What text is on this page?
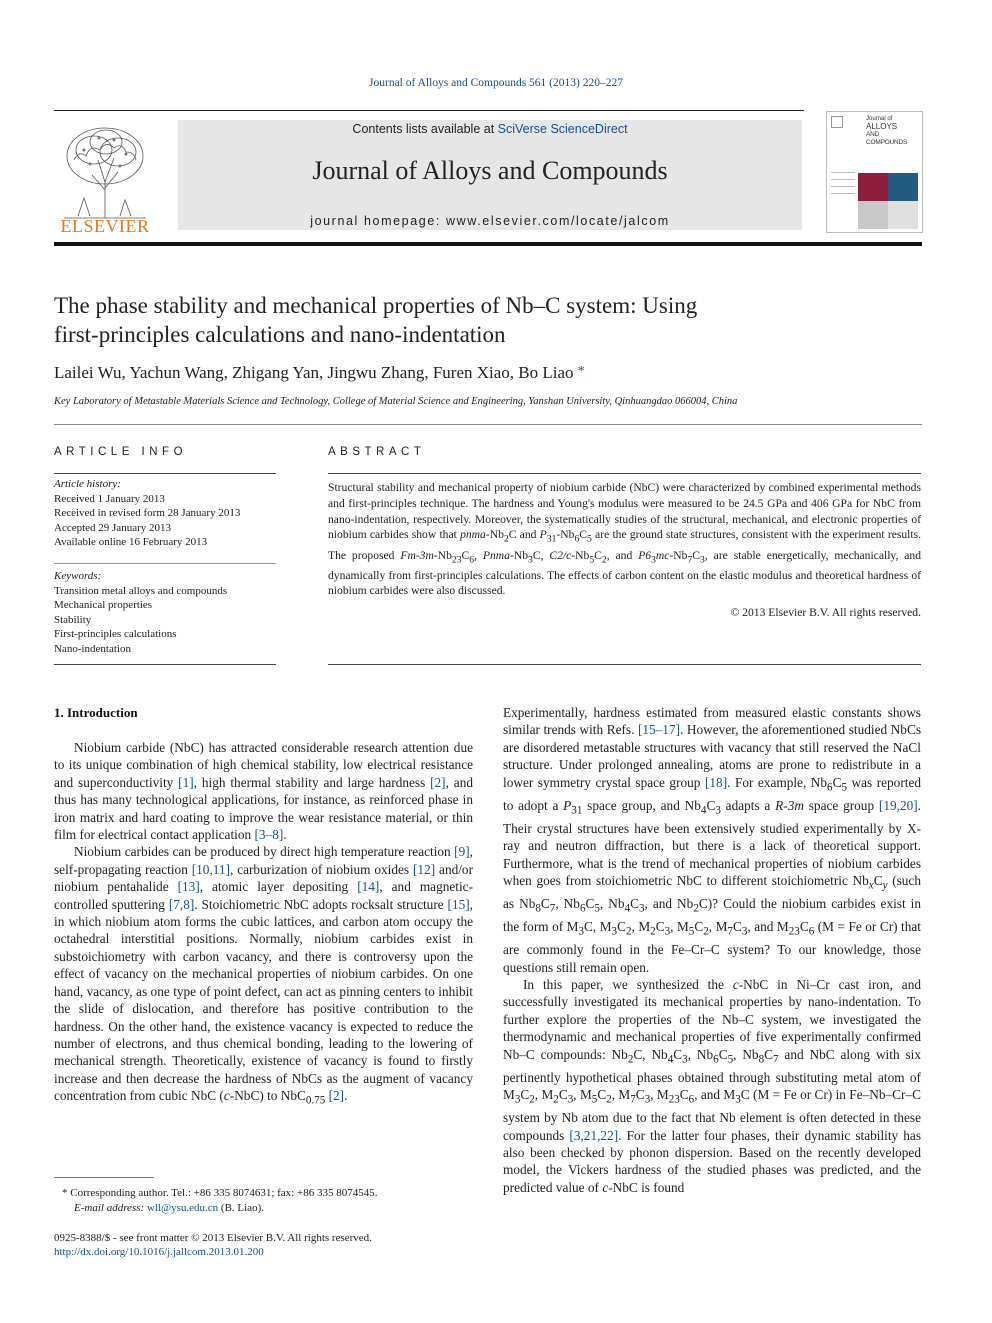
Journal of Alloys and Compounds 561 (2013) 220–227
ELSEVIER
Contents lists available at SciVerse ScienceDirect
Journal of Alloys and Compounds
journal homepage: www.elsevier.com/locate/jalcom
Journal of
ALLOYS
AND COMPOUNDS
The phase stability and mechanical properties of Nb–C system: Using
first-principles calculations and nano-indentation
Lailei Wu, Yachun Wang, Zhigang Yan, Jingwu Zhang, Furen Xiao, Bo Liao *
Key Laboratory of Metastable Materials Science and Technology, College of Material Science and Engineering, Yanshan University, Qinhuangdao 066004, China
ARTICLE INFO
Article history:
Received 1 January 2013
Received in revised form 28 January 2013
Accepted 29 January 2013
Available online 16 February 2013
Keywords:
Transition metal alloys and compounds
Mechanical properties
Stability
First-principles calculations
Nano-indentation
ABSTRACT
Structural stability and mechanical property of niobium carbide (NbC) were characterized by combined experimental methods and first-principles technique. The hardness and Young's modulus were measured to be 24.5 GPa and 406 GPa for NbC from nano-indentation, respectively. Moreover, the systematically studies of the structural, mechanical, and electronic properties of niobium carbides show that pnma-$Nb_2C$ and $P_{31}-Nb_6C_5$ are the ground state structures, consistent with the experiment results. The proposed $Fm-3m-Nb_{23}C_6$, Pnma-$Nb_3C$, $C2/c-Nb_5C_2$, and $P6_3mc-Nb_7C_3$, are stable energetically, mechanically, and dynamically from first-principles calculations. The effects of carbon content on the elastic modulus and theoretical hardness of niobium carbides were also discussed.
© 2013 Elsevier B.V. All rights reserved.
1. Introduction

Niobium carbide (NbC) has attracted considerable research attention due to its unique combination of high chemical stability, low electrical resistance and superconductivity [1], high thermal stability and large hardness [2], and thus has many technological applications, for instance, as reinforced phase in iron matrix and hard coating to improve the wear resistance material, or thin film for electrical contact application [3–8].

Niobium carbides can be produced by direct high temperature reaction [9], self-propagating reaction [10,11], carburization of niobium oxides [12] and/or niobium pentahalide [13], atomic layer depositing [14], and magnetic-controlled sputtering [7,8]. Stoichiometric NbC adopts rocksalt structure [15], in which niobium atom forms the cubic lattices, and carbon atom occupy the octahedral interstitial positions. Normally, niobium carbides exist in substoichiometry with carbon vacancy, and there is controversy upon the effect of vacancy on the mechanical properties of niobium carbides. On one hand, vacancy, as one type of point defect, can act as pinning centers to inhibit the slide of dislocation, and therefore has positive contribution to the hardness. On the other hand, the existence vacancy is expected to reduce the number of electrons, and thus chemical bonding, leading to the lowering of mechanical strength. Theoretically, existence of vacancy is found to firstly increase and then decrease the hardness of NbCs as the augment of vacancy concentration from cubic NbC (c-NbC) to NbC$_{0.75}$ [2].

Experimentally, hardness estimated from measured elastic constants shows similar trends with Refs. [15–17]. However, the aforementioned studied NbCs are disordered metastable structures with vacancy that still reserved the NaCl structure. Under prolonged annealing, atoms are prone to redistribute in a lower symmetry crystal space group [18]. For example, $Nb_6C_5$ was reported to adopt a $P_{31}$ space group, and $Nb_4C_3$ adapts a R-3m space group [19,20]. Their crystal structures have been extensively studied experimentally by X-ray and neutron diffraction, but there is a lack of theoretical support. Furthermore, what is the trend of mechanical properties of niobium carbides when goes from stoichiometric NbC to different stoichiometric $Nb_xC_y$ (such as $Nb_8C_7$, $Nb_6C_5$, $Nb_4C_3$, and $Nb_2C$)? Could the niobium carbides exist in the form of $M_3C$, $M_3C_2$, $M_2C_3$, $M_5C_2$, $M_7C_3$, and $M_{23}C_6$ (M = Fe or Cr) that are commonly found in the Fe–Cr–C system? To our knowledge, those questions still remain open.

In this paper, we synthesized the c-NbC in Ni–Cr cast iron, and successfully investigated its mechanical properties by nano-indentation. To further explore the properties of the Nb–C system, we investigated the thermodynamic and mechanical properties of five experimentally confirmed Nb–C compounds: $Nb_2C$, $Nb_4C_3$, $Nb_6C_5$, $Nb_8C_7$ and NbC along with six pertinently hypothetical phases obtained through substituting metal atom of $M_3C_2$, $M_2C_3$, $M_5C_2$, $M_7C_3$, $M_{23}C_6$, and $M_3C$ (M = Fe or Cr) in Fe–Nb–Cr–C system by Nb atom due to the fact that Nb element is often detected in these compounds [3,21,22]. For the latter four phases, their dynamic stability has also been checked by phonon dispersion. Based on the recently developed model, the Vickers hardness of the studied phases was predicted, and the predicted value of c-NbC is found

* Corresponding author. Tel.: +86 335 8074631; fax: +86 335 8074545.
E-mail address: wll@ysu.edu.cn (B. Liao).
0925-8388/$ - see front matter © 2013 Elsevier B.V. All rights reserved.
http://dx.doi.org/10.1016/j.jallcom.2013.01.200
